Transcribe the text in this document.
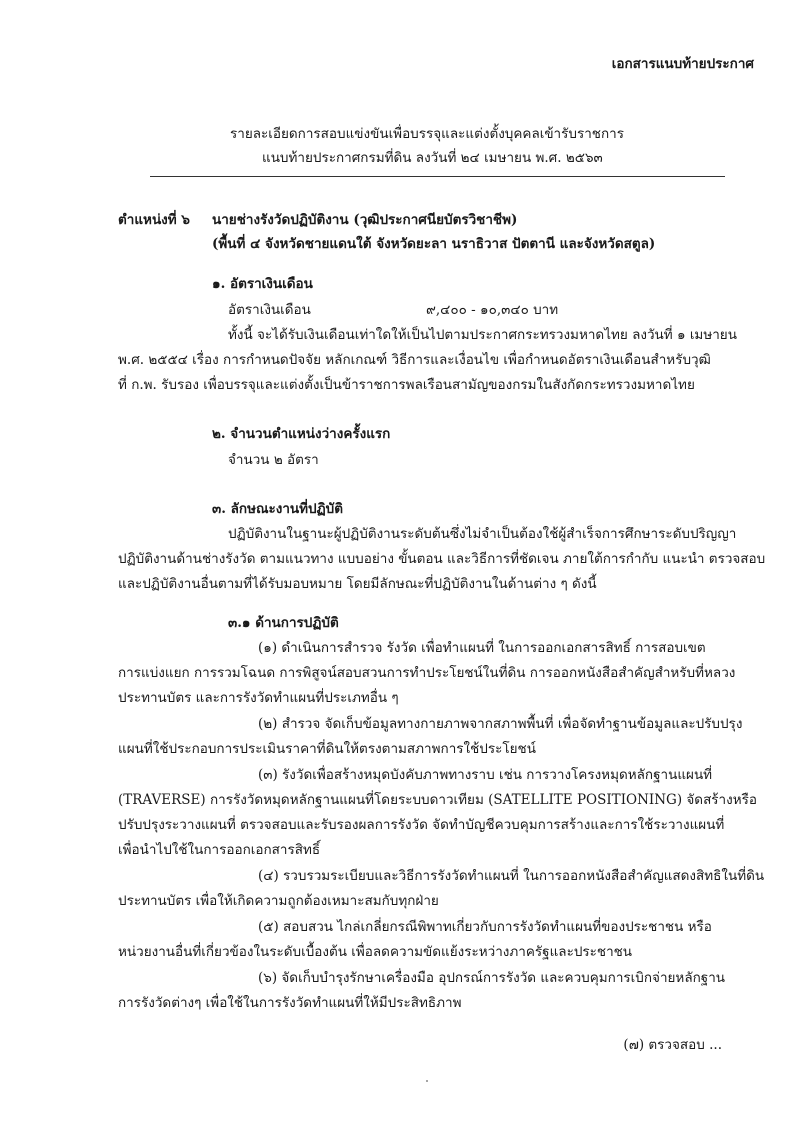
เอกสารแนบท้ายประกาศ
รายละเอียดการสอบแข่งขันเพื่อบรรจุและแต่งตั้งบุคคลเข้ารับราชการ
แนบท้ายประกาศกรมที่ดิน ลงวันที่ ๒๔ เมษายน พ.ศ. ๒๕๖๓
ตำแหน่งที่ ๖ นายช่างรังวัดปฏิบัติงาน (วุฒิประกาศนียบัตรวิชาชีพ)
(พื้นที่ ๔ จังหวัดชายแดนใต้ จังหวัดยะลา นราธิวาส ปัตตานี และจังหวัดสตูล)
๑. อัตราเงินเดือน
อัตราเงินเดือน	๙,๔๐๐ - ๑๐,๓๔๐ บาท
ทั้งนี้ จะได้รับเงินเดือนเท่าใดให้เป็นไปตามประกาศกระทรวงมหาดไทย ลงวันที่ ๑ เมษายน
พ.ศ. ๒๕๕๔ เรื่อง การกำหนดปัจจัย หลักเกณฑ์ วิธีการและเงื่อนไข เพื่อกำหนดอัตราเงินเดือนสำหรับวุฒิ
ที่ ก.พ. รับรอง เพื่อบรรจุและแต่งตั้งเป็นข้าราชการพลเรือนสามัญของกรมในสังกัดกระทรวงมหาดไทย
๒. จำนวนตำแหน่งว่างครั้งแรก
จำนวน ๒ อัตรา
๓. ลักษณะงานที่ปฏิบัติ
ปฏิบัติงานในฐานะผู้ปฏิบัติงานระดับต้นซึ่งไม่จำเป็นต้องใช้ผู้สำเร็จการศึกษาระดับปริญญา
ปฏิบัติงานด้านช่างรังวัด ตามแนวทาง แบบอย่าง ขั้นตอน และวิธีการที่ชัดเจน ภายใต้การกำกับ แนะนำ ตรวจสอบ
และปฏิบัติงานอื่นตามที่ได้รับมอบหมาย โดยมีลักษณะที่ปฏิบัติงานในด้านต่าง ๆ ดังนี้
๓.๑ ด้านการปฏิบัติ
(๑) ดำเนินการสำรวจ รังวัด เพื่อทำแผนที่ ในการออกเอกสารสิทธิ์ การสอบเขต
การแบ่งแยก การรวมโฉนด การพิสูจน์สอบสวนการทำประโยชน์ในที่ดิน การออกหนังสือสำคัญสำหรับที่หลวง
ประทานบัตร และการรังวัดทำแผนที่ประเภทอื่น ๆ
(๒) สำรวจ จัดเก็บข้อมูลทางกายภาพจากสภาพพื้นที่ เพื่อจัดทำฐานข้อมูลและปรับปรุง
แผนที่ใช้ประกอบการประเมินราคาที่ดินให้ตรงตามสภาพการใช้ประโยชน์
(๓) รังวัดเพื่อสร้างหมุดบังคับภาพทางราบ เช่น การวางโครงหมุดหลักฐานแผนที่
(TRAVERSE) การรังวัดหมุดหลักฐานแผนที่โดยระบบดาวเทียม (SATELLITE POSITIONING) จัดสร้างหรือ
ปรับปรุงระวางแผนที่ ตรวจสอบและรับรองผลการรังวัด จัดทำบัญชีควบคุมการสร้างและการใช้ระวางแผนที่
เพื่อนำไปใช้ในการออกเอกสารสิทธิ์
(๔) รวบรวมระเบียบและวิธีการรังวัดทำแผนที่ ในการออกหนังสือสำคัญแสดงสิทธิในที่ดิน
ประทานบัตร เพื่อให้เกิดความถูกต้องเหมาะสมกับทุกฝ่าย
(๕) สอบสวน ไกล่เกลี่ยกรณีพิพาทเกี่ยวกับการรังวัดทำแผนที่ของประชาชน หรือ
หน่วยงานอื่นที่เกี่ยวข้องในระดับเบื้องต้น เพื่อลดความขัดแย้งระหว่างภาครัฐและประชาชน
(๖) จัดเก็บบำรุงรักษาเครื่องมือ อุปกรณ์การรังวัด และควบคุมการเบิกจ่ายหลักฐาน
การรังวัดต่างๆ เพื่อใช้ในการรังวัดทำแผนที่ให้มีประสิทธิภาพ
(๗) ตรวจสอบ ...
